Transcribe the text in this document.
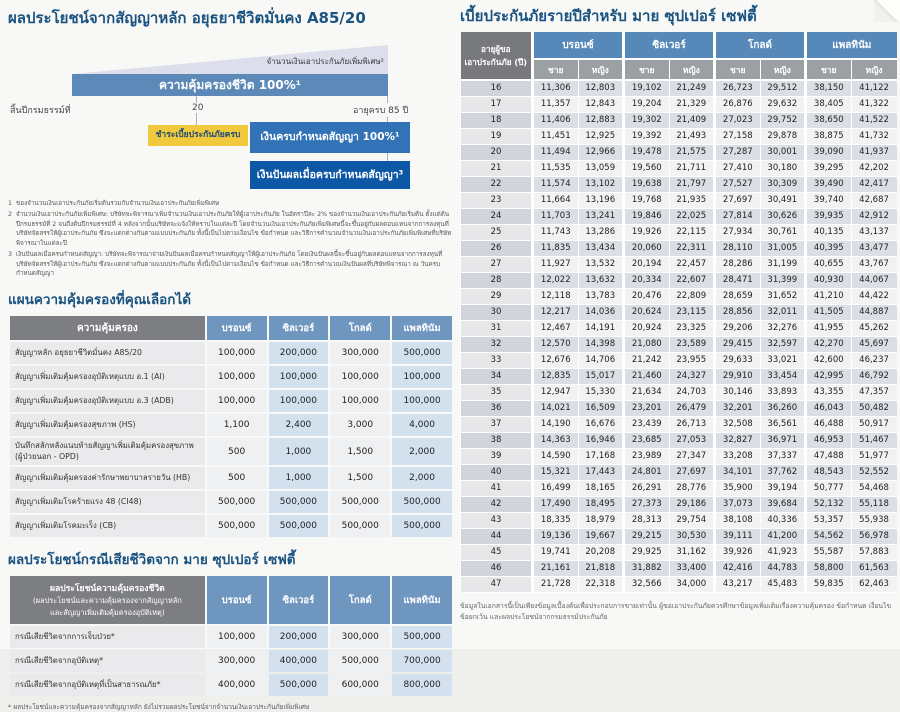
ผลประโยชน์จากสัญญาหลัก อยุธยาชีวิตมั่นคง A85/20
จำนวนเงินเอาประกันภัยเพิ่มพิเศษ²
ความคุ้มครองชีวิต 100%¹
สิ้นปีกรมธรรม์ที่	20	อายุครบ 85 ปี
ชำระเบี้ยประกันภัยครบ	เงินครบกำหนดสัญญา 100%¹
เงินปันผลเมื่อครบกำหนดสัญญา³
1 ของจำนวนเงินเอาประกันภัยเริ่มต้นรวมกับจำนวนเงินเอาประกันภัยเพิ่มพิเศษ
2 จำนวนเงินเอาประกันภัยเพิ่มพิเศษ: บริษัทจะพิจารณาเพิ่มจำนวนเงินเอาประกันภัยให้ผู้เอาประกันภัย ในอัตราปีละ 2% ของจำนวนเงินเอาประกันภัยเริ่มต้น ตั้งแต่ต้นปีกรมธรรม์ที่ 2 จนถึงต้นปีกรมธรรม์ที่ 4 หลังจากนั้นบริษัทจะแจ้งให้ทราบในแต่ละปี โดยจำนวนเงินเอาประกันภัยเพิ่มพิเศษนี้จะขึ้นอยู่กับผลตอบแทนจากการลงทุนที่บริษัทจัดสรรให้ผู้เอาประกันภัย ซึ่งจะแตกต่างกันตามแบบประกันภัย ทั้งนี้เป็นไปตามเงื่อนไข ข้อกำหนด และวิธีการคำนวณจำนวนเงินเอาประกันภัยเพิ่มพิเศษที่บริษัทพิจารณาในแต่ละปี
3 เงินปันผลเมื่อครบกำหนดสัญญา: บริษัทจะพิจารณาจ่ายเงินปันผลเมื่อครบกำหนดสัญญาให้ผู้เอาประกันภัย โดยเงินปันผลนี้จะขึ้นอยู่กับผลตอบแทนจากการลงทุนที่บริษัทจัดสรรให้ผู้เอาประกันภัย ซึ่งจะแตกต่างกันตามแบบประกันภัย ทั้งนี้เป็นไปตามเงื่อนไข ข้อกำหนด และวิธีการคำนวณเงินปันผลที่บริษัทพิจารณา ณ วันครบกำหนดสัญญา
แผนความคุ้มครองที่คุณเลือกได้
ความคุ้มครอง	บรอนซ์	ซิลเวอร์	โกลด์	แพลทินัม
สัญญาหลัก อยุธยาชีวิตมั่นคง A85/20	100,000	200,000	300,000	500,000
สัญญาเพิ่มเติมคุ้มครองอุบัติเหตุแบบ อ.1 (AI)	100,000	100,000	100,000	100,000
สัญญาเพิ่มเติมคุ้มครองอุบัติเหตุแบบ อ.3 (ADB)	100,000	100,000	100,000	100,000
สัญญาเพิ่มเติมคุ้มครองสุขภาพ (HS)	1,100	2,400	3,000	4,000
บันทึกสลักหลังแนบท้ายสัญญาเพิ่มเติมคุ้มครองสุขภาพ (ผู้ป่วยนอก - OPD)	500	1,000	1,500	2,000
สัญญาเพิ่มเติมคุ้มครองค่ารักษาพยาบาลรายวัน (HB)	500	1,000	1,500	2,000
สัญญาเพิ่มเติมโรคร้ายแรง 48 (CI48)	500,000	500,000	500,000	500,000
สัญญาเพิ่มเติมโรคมะเร็ง (CB)	500,000	500,000	500,000	500,000
ผลประโยชน์กรณีเสียชีวิตจาก มาย ซุปเปอร์ เซฟตี้
ผลประโยชน์ความคุ้มครองชีวิต
(ผลประโยชน์และความคุ้มครองจากสัญญาหลัก
และสัญญาเพิ่มเติมคุ้มครองอุบัติเหตุ)	บรอนซ์	ซิลเวอร์	โกลด์	แพลทินัม
กรณีเสียชีวิตจากการเจ็บป่วย*	100,000	200,000	300,000	500,000
กรณีเสียชีวิตจากอุบัติเหตุ*	300,000	400,000	500,000	700,000
กรณีเสียชีวิตจากอุบัติเหตุที่เป็นสาธารณภัย*	400,000	500,000	600,000	800,000
* ผลประโยชน์และความคุ้มครองจากสัญญาหลัก ยังไม่รวมผลประโยชน์จากจำนวนเงินเอาประกันภัยเพิ่มพิเศษ
เบี้ยประกันภัยรายปีสำหรับ มาย ซุปเปอร์ เซฟตี้
อายุผู้ขอ
เอาประกันภัย (ปี)	บรอนซ์		ซิลเวอร์		โกลด์		แพลทินัม	
	ชาย	หญิง	ชาย	หญิง	ชาย	หญิง	ชาย	หญิง
16	11,306	12,803	19,102	21,249	26,723	29,512	38,150	41,122
17	11,357	12,843	19,204	21,329	26,876	29,632	38,405	41,322
18	11,406	12,883	19,302	21,409	27,023	29,752	38,650	41,522
19	11,451	12,925	19,392	21,493	27,158	29,878	38,875	41,732
20	11,494	12,966	19,478	21,575	27,287	30,001	39,090	41,937
21	11,535	13,059	19,560	21,711	27,410	30,180	39,295	42,202
22	11,574	13,102	19,638	21,797	27,527	30,309	39,490	42,417
23	11,664	13,196	19,768	21,935	27,697	30,491	39,740	42,687
24	11,703	13,241	19,846	22,025	27,814	30,626	39,935	42,912
25	11,743	13,286	19,926	22,115	27,934	30,761	40,135	43,137
26	11,835	13,434	20,060	22,311	28,110	31,005	40,395	43,477
27	11,927	13,532	20,194	22,457	28,286	31,199	40,655	43,767
28	12,022	13,632	20,334	22,607	28,471	31,399	40,930	44,067
29	12,118	13,783	20,476	22,809	28,659	31,652	41,210	44,422
30	12,217	14,036	20,624	23,115	28,856	32,011	41,505	44,887
31	12,467	14,191	20,924	23,325	29,206	32,276	41,955	45,262
32	12,570	14,398	21,080	23,589	29,415	32,597	42,270	45,697
33	12,676	14,706	21,242	23,955	29,633	33,021	42,600	46,237
34	12,835	15,017	21,460	24,327	29,910	33,454	42,995	46,792
35	12,947	15,330	21,634	24,703	30,146	33,893	43,355	47,357
36	14,021	16,509	23,201	26,479	32,201	36,260	46,043	50,482
37	14,190	16,676	23,439	26,713	32,508	36,561	46,488	50,917
38	14,363	16,946	23,685	27,053	32,827	36,971	46,953	51,467
39	14,590	17,168	23,989	27,347	33,208	37,337	47,488	51,977
40	15,321	17,443	24,801	27,697	34,101	37,762	48,543	52,552
41	16,499	18,165	26,291	28,776	35,900	39,194	50,777	54,468
42	17,490	18,495	27,373	29,186	37,073	39,684	52,132	55,118
43	18,335	18,979	28,313	29,754	38,108	40,336	53,357	55,938
44	19,136	19,667	29,215	30,530	39,111	41,200	54,562	56,978
45	19,741	20,208	29,925	31,162	39,926	41,923	55,587	57,883
46	21,161	21,818	31,882	33,400	42,416	44,783	58,800	61,563
47	21,728	22,318	32,566	34,000	43,217	45,483	59,835	62,463
ข้อมูลในเอกสารนี้เป็นเพียงข้อมูลเบื้องต้นเพื่อประกอบการขายเท่านั้น ผู้ขอเอาประกันภัยควรศึกษาข้อมูลเพิ่มเติมเรื่องความคุ้มครอง ข้อกำหนด เงื่อนไข ข้อยกเว้น และผลประโยชน์จากกรมธรรม์ประกันภัย
